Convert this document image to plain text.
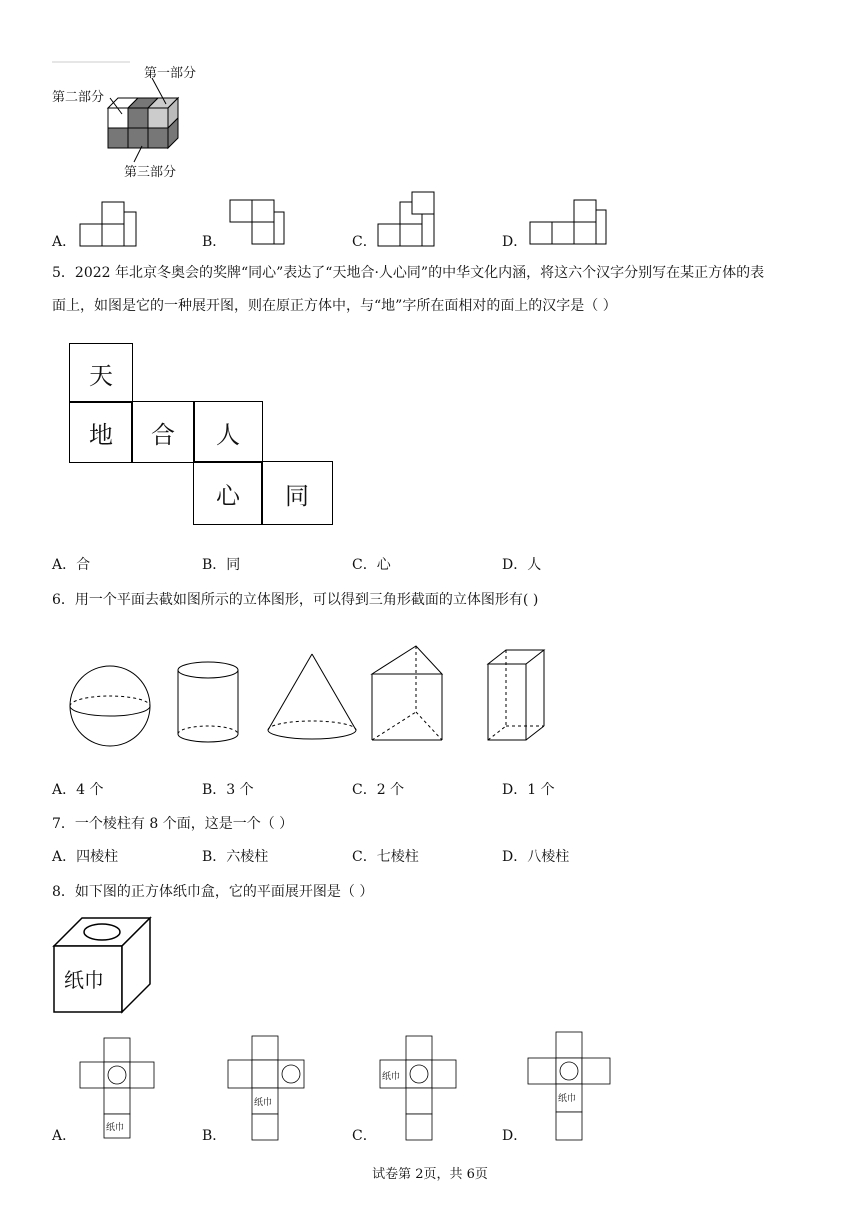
第一部分
第二部分
第三部分
A．	B．	C．	D．
5．2022 年北京冬奥会的奖牌“同心”表达了“天地合·人心同”的中华文化内涵，将这六个汉字分别写在某正方体的表
面上，如图是它的一种展开图，则在原正方体中，与“地”字所在面相对的面上的汉字是（ ）
天
地 合 人
心 同
A．合	B．同	C．心	D．人
6．用一个平面去截如图所示的立体图形，可以得到三角形截面的立体图形有( )
A．4 个	B．3 个	C．2 个	D．1 个
7．一个棱柱有 8 个面，这是一个（ ）
A．四棱柱	B．六棱柱	C．七棱柱	D．八棱柱
8．如下图的正方体纸巾盒，它的平面展开图是（ ）
纸巾
A．	纸巾	B．
纸巾
C．
纸巾
D．
纸巾
试卷第 2页，共 6页
